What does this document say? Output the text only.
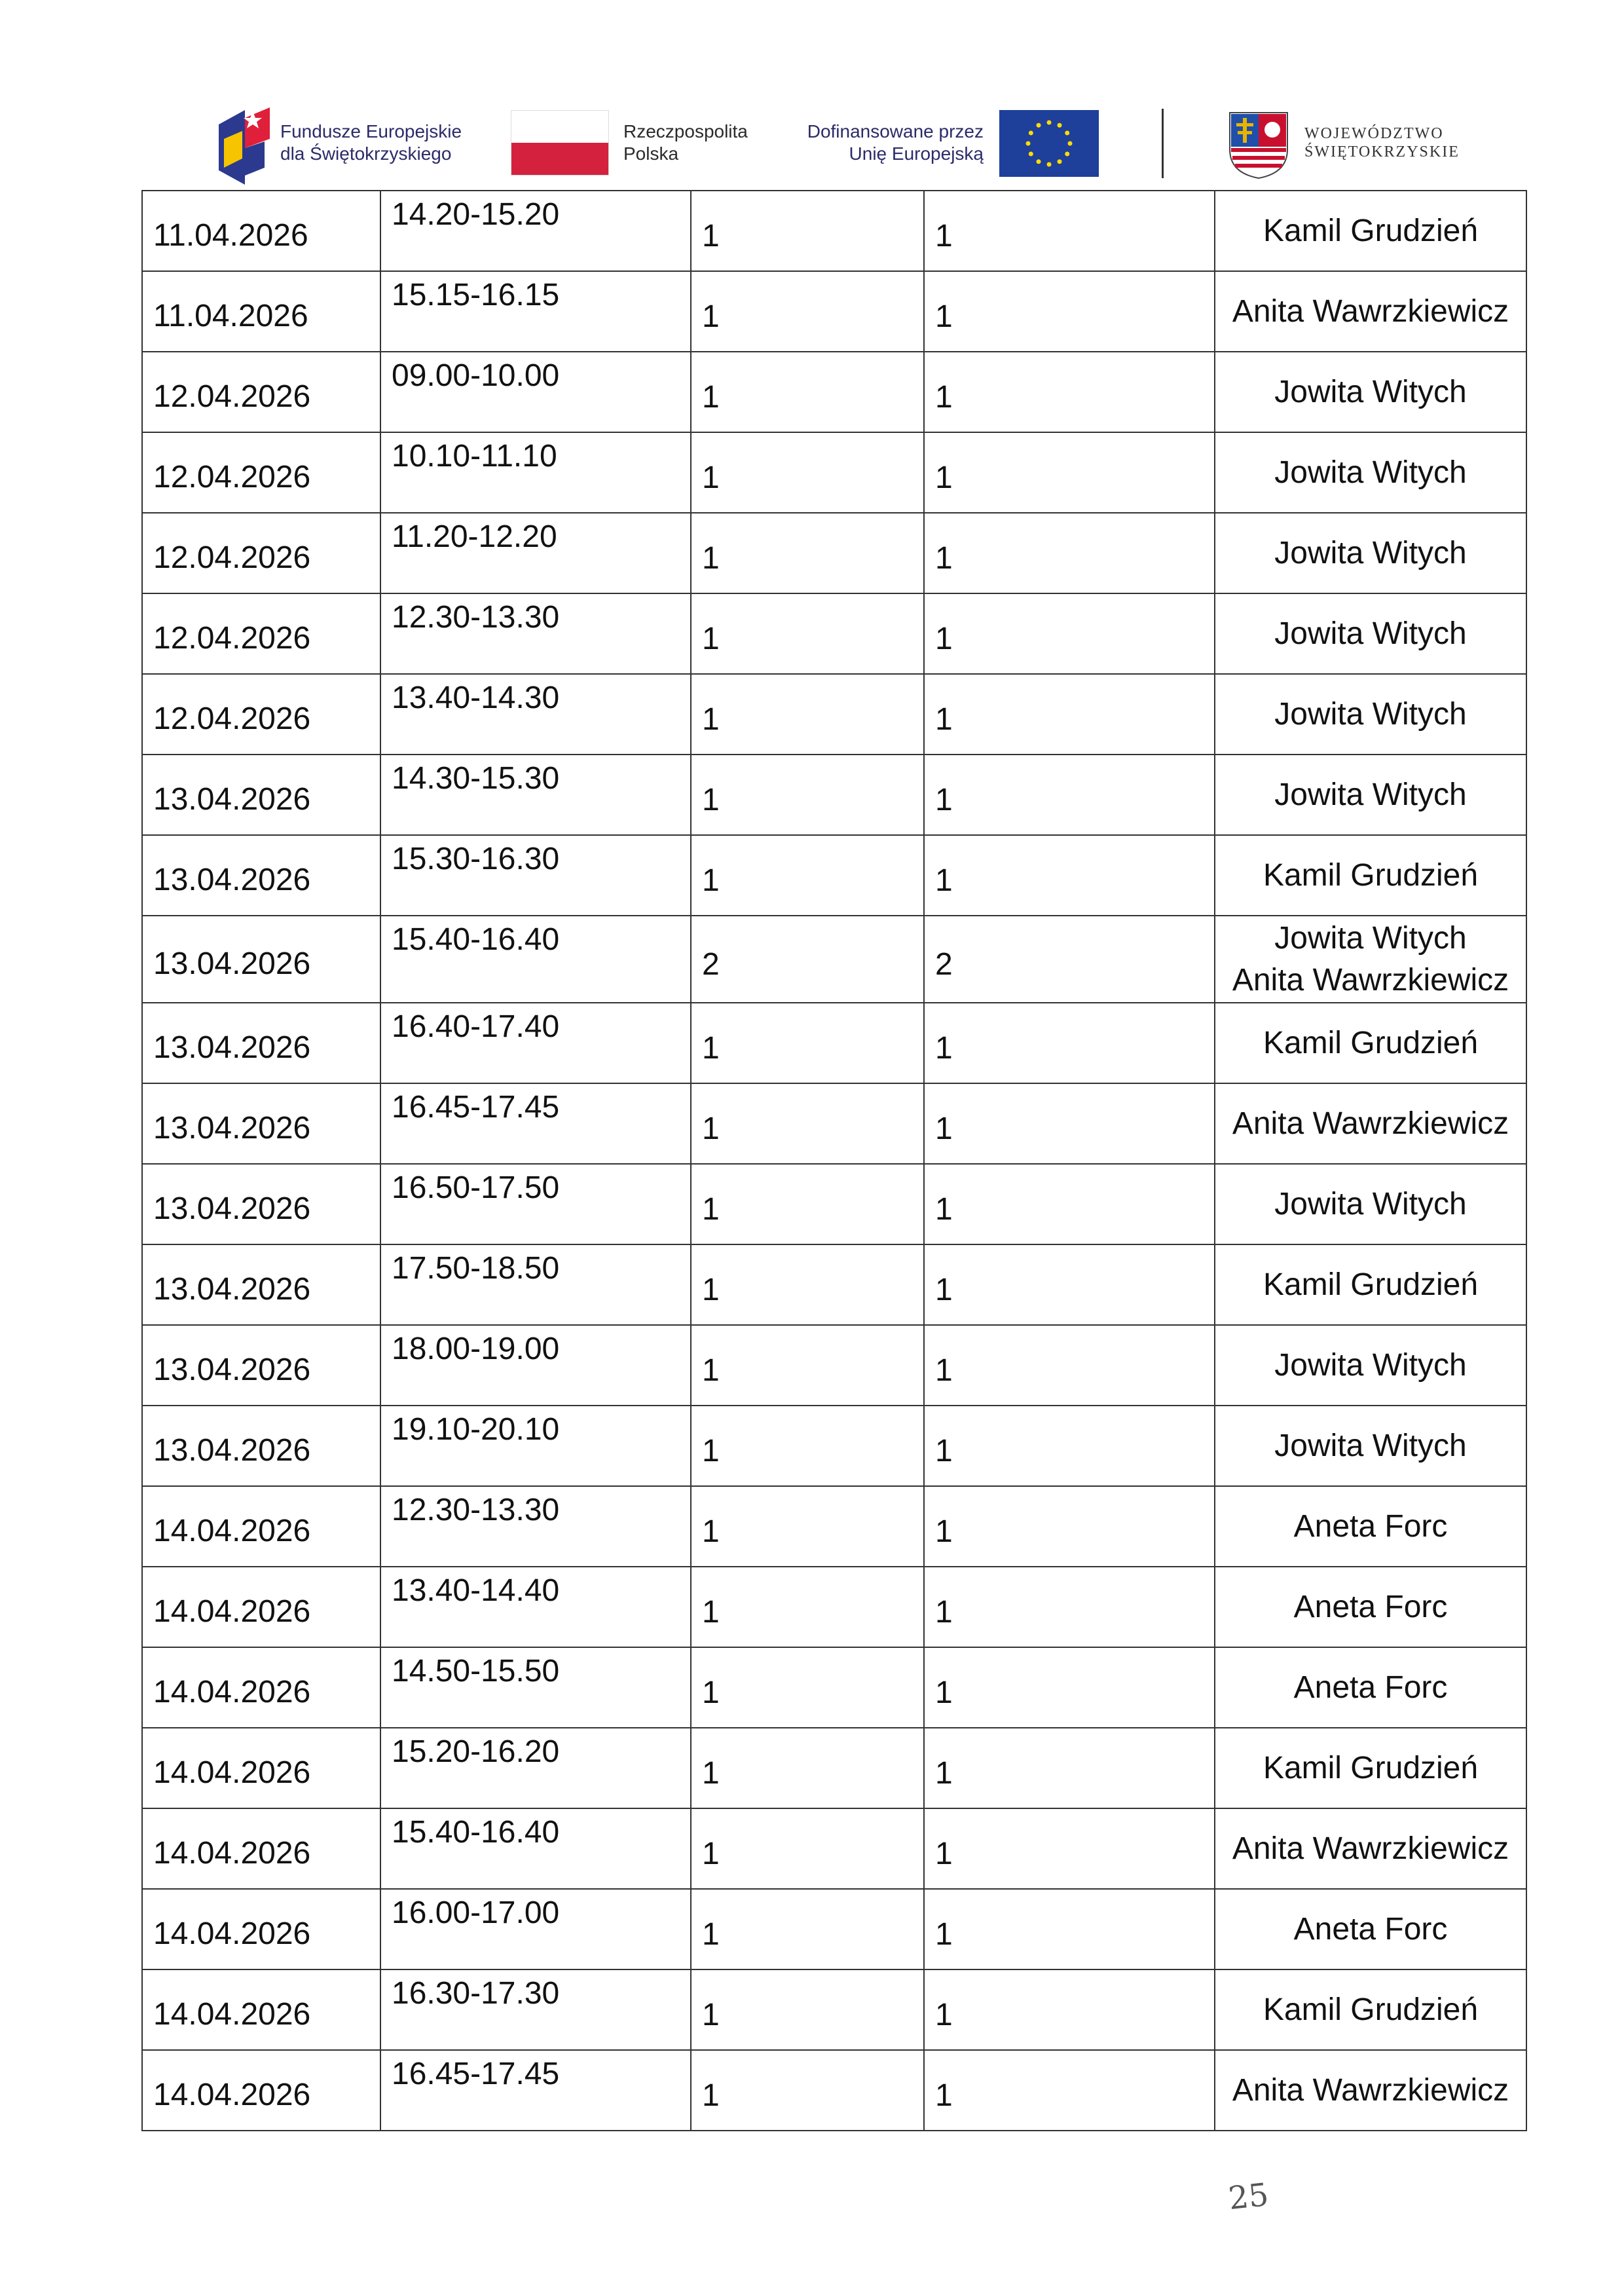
Fundusze Europejskie
dla Świętokrzyskiego
Rzeczpospolita
Polska
Dofinansowane przez
Unię Europejską
WOJEWÓDZTWO
ŚWIĘTOKRZYSKIE
11.04.2026	14.20-15.20	1	1	Kamil Grudzień

11.04.2026	15.15-16.15	1	1	Anita Wawrzkiewicz

12.04.2026	09.00-10.00	1	1	Jowita Witych

12.04.2026	10.10-11.10	1	1	Jowita Witych

12.04.2026	11.20-12.20	1	1	Jowita Witych

12.04.2026	12.30-13.30	1	1	Jowita Witych

12.04.2026	13.40-14.30	1	1	Jowita Witych

13.04.2026	14.30-15.30	1	1	Jowita Witych

13.04.2026	15.30-16.30	1	1	Kamil Grudzień

13.04.2026	15.40-16.40	2	2	Jowita Witych
Anita Wawrzkiewicz

13.04.2026	16.40-17.40	1	1	Kamil Grudzień

13.04.2026	16.45-17.45	1	1	Anita Wawrzkiewicz

13.04.2026	16.50-17.50	1	1	Jowita Witych

13.04.2026	17.50-18.50	1	1	Kamil Grudzień

13.04.2026	18.00-19.00	1	1	Jowita Witych

13.04.2026	19.10-20.10	1	1	Jowita Witych

14.04.2026	12.30-13.30	1	1	Aneta Forc

14.04.2026	13.40-14.40	1	1	Aneta Forc

14.04.2026	14.50-15.50	1	1	Aneta Forc

14.04.2026	15.20-16.20	1	1	Kamil Grudzień

14.04.2026	15.40-16.40	1	1	Anita Wawrzkiewicz

14.04.2026	16.00-17.00	1	1	Aneta Forc

14.04.2026	16.30-17.30	1	1	Kamil Grudzień

14.04.2026	16.45-17.45	1	1	Anita Wawrzkiewicz
25
